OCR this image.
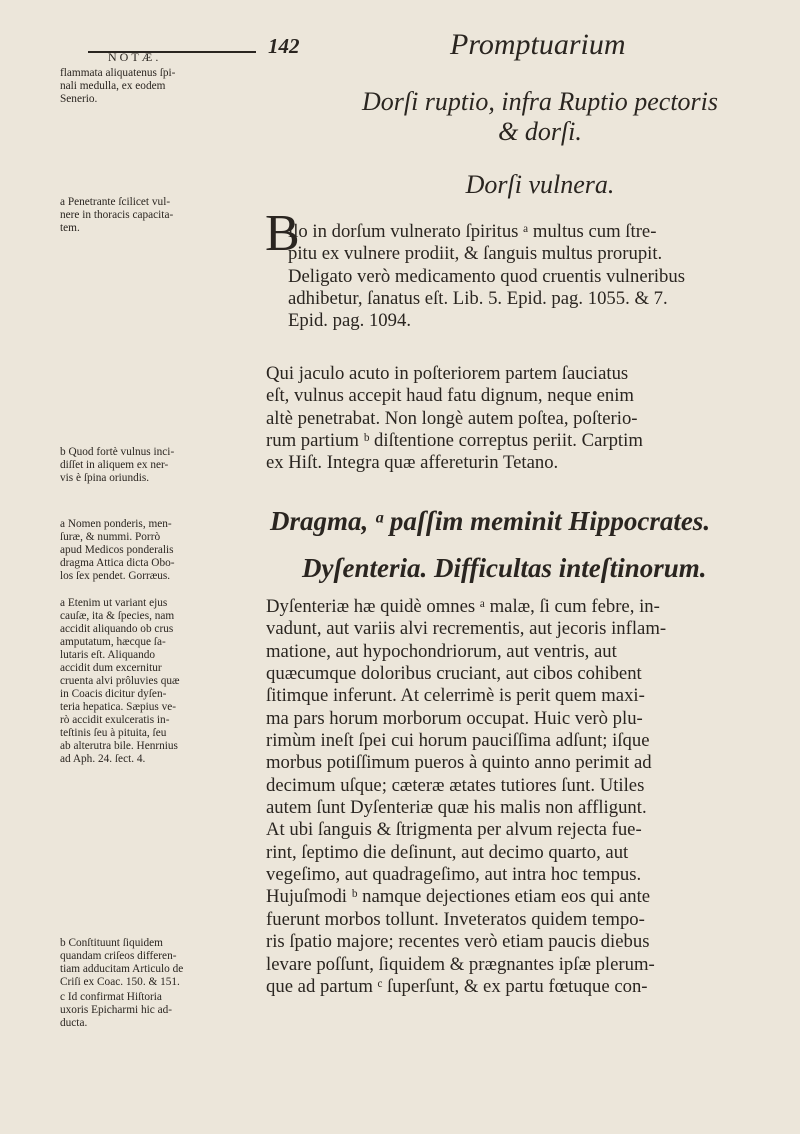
NOTÆ.	142	Promptuarium
flammata aliquatenus ſpi-
nali medulla, ex eodem
Senerio.
a Penetrante ſcilicet vul-
nere in thoracis capacita-
tem.
b Quod fortè vulnus inci-
diſſet in aliquem ex ner-
vis è ſpina oriundis.
a Nomen ponderis, men-
ſuræ, & nummi. Porrò
apud Medicos ponderalis
dragma Attica dicta Obo-
los ſex pendet. Gorræus.
a Etenim ut variant ejus
cauſæ, ita & ſpecies, nam
accidit aliquando ob crus
amputatum, hæcque ſa-
lutaris eſt. Aliquando
accidit dum excernitur
cruenta alvi prôluvies quæ
in Coacis dicitur dyſen-
teria hepatica. Sæpius ve-
rò accidit exulceratis in-
teſtinis ſeu à pituita, ſeu
ab alterutra bile. Henrnius
ad Aph. 24. ſect. 4.
b Conſtituunt ſiquidem
quandam criſeos differen-
tiam adducitam Articulo de
Criſi ex Coac. 150. & 151.
c Id confirmat Hiſtoria
uxoris Epicharmi hic ad-
ducta.
Dorſi ruptio, infra Ruptio pectoris
& dorſi.
Dorſi vulnera.
B
ilo in dorſum vulnerato ſpiritus ᵃ multus cum ſtre-
pitu ex vulnere prodiit, & ſanguis multus prorupit.
Deligato verò medicamento quod cruentis vulneribus
adhibetur, ſanatus eſt. Lib. 5. Epid. pag. 1055. & 7.
Epid. pag. 1094.
Qui jaculo acuto in poſteriorem partem ſauciatus
eſt, vulnus accepit haud fatu dignum, neque enim
altè penetrabat. Non longè autem poſtea, poſterio-
rum partium ᵇ diſtentione correptus periit. Carptim
ex Hiſt. Integra quæ affereturin Tetano.
Dragma, ᵃ paſſim meminit Hippocrates.
Dyſenteria. Difficultas inteſtinorum.
Dyſenteriæ hæ quidè omnes ᵃ malæ, ſi cum febre, in-
vadunt, aut variis alvi recrementis, aut jecoris inflam-
matione, aut hypochondriorum, aut ventris, aut
quæcumque doloribus cruciant, aut cibos cohibent
ſitimque inferunt. At celerrimè is perit quem maxi-
ma pars horum morborum occupat. Huic verò plu-
rimùm ineſt ſpei cui horum pauciſſima adſunt; iſque
morbus potiſſimum pueros à quinto anno perimit ad
decimum uſque; cæteræ ætates tutiores ſunt. Utiles
autem ſunt Dyſenteriæ quæ his malis non affligunt.
At ubi ſanguis & ſtrigmenta per alvum rejecta fue-
rint, ſeptimo die deſinunt, aut decimo quarto, aut
vegeſimo, aut quadrageſimo, aut intra hoc tempus.
Hujuſmodi ᵇ namque dejectiones etiam eos qui ante
fuerunt morbos tollunt. Inveteratos quidem tempo-
ris ſpatio majore; recentes verò etiam paucis diebus
levare poſſunt, ſiquidem & prægnantes ipſæ plerum-
que ad partum ᶜ ſuperſunt, & ex partu fœtuque con-
